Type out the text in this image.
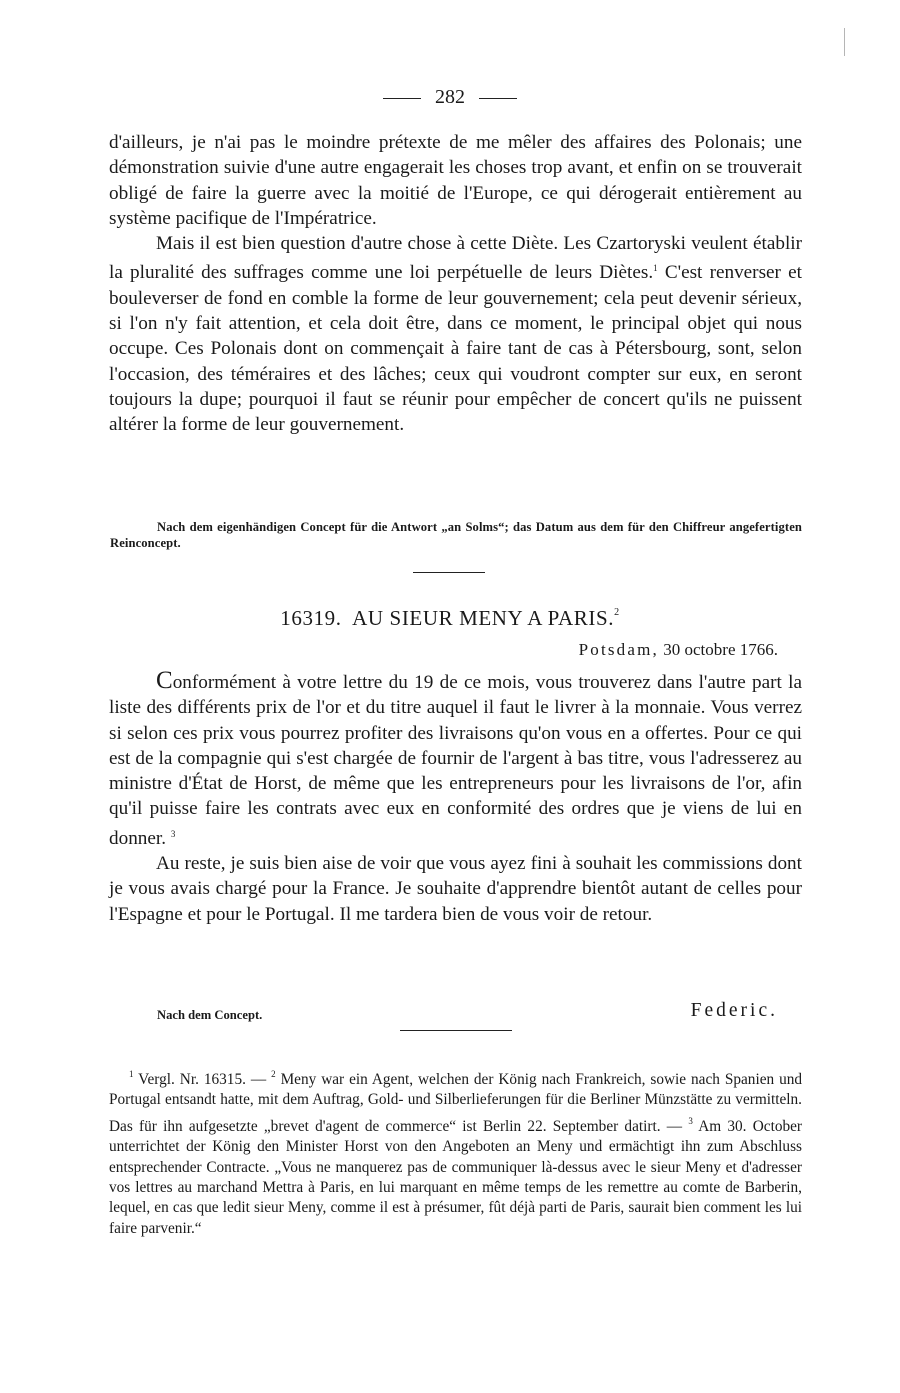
282

d'ailleurs, je n'ai pas le moindre prétexte de me mêler des affaires des Polonais; une démonstration suivie d'une autre engagerait les choses trop avant, et enfin on se trouverait obligé de faire la guerre avec la moitié de l'Europe, ce qui dérogerait entièrement au système pacifique de l'Impératrice.

Mais il est bien question d'autre chose à cette Diète. Les Czartoryski veulent établir la pluralité des suffrages comme une loi perpétuelle de leurs Diètes.$^1$ C'est renverser et bouleverser de fond en comble la forme de leur gouvernement; cela peut devenir sérieux, si l'on n'y fait attention, et cela doit être, dans ce moment, le principal objet qui nous occupe. Ces Polonais dont on commençait à faire tant de cas à Pétersbourg, sont, selon l'occasion, des téméraires et des lâches; ceux qui voudront compter sur eux, en seront toujours la dupe; pourquoi il faut se réunir pour empêcher de concert qu'ils ne puissent altérer la forme de leur gouvernement.

Nach dem eigenhändigen Concept für die Antwort „an Solms“; das Datum aus dem für den Chiffreur angefertigten Reinconcept.

16319. AU SIEUR MENY A PARIS.$^2$
Potsdam, 30 octobre 1766.

Conformément à votre lettre du 19 de ce mois, vous trouverez dans l'autre part la liste des différents prix de l'or et du titre auquel il faut le livrer à la monnaie. Vous verrez si selon ces prix vous pourrez profiter des livraisons qu'on vous en a offertes. Pour ce qui est de la compagnie qui s'est chargée de fournir de l'argent à bas titre, vous l'adresserez au ministre d'État de Horst, de même que les entrepreneurs pour les livraisons de l'or, afin qu'il puisse faire les contrats avec eux en conformité des ordres que je viens de lui en donner. $^3$

Au reste, je suis bien aise de voir que vous ayez fini à souhait les commissions dont je vous avais chargé pour la France. Je souhaite d'apprendre bientôt autant de celles pour l'Espagne et pour le Portugal. Il me tardera bien de vous voir de retour.

Nach dem Concept.	Federic.

$^1$ Vergl. Nr. 16315. — $^2$ Meny war ein Agent, welchen der König nach Frankreich, sowie nach Spanien und Portugal entsandt hatte, mit dem Auftrag, Gold- und Silberlieferungen für die Berliner Münzstätte zu vermitteln. Das für ihn aufgesetzte „brevet d'agent de commerce“ ist Berlin 22. September datirt. — $^3$ Am 30. October unterrichtet der König den Minister Horst von den Angeboten an Meny und ermächtigt ihn zum Abschluss entsprechender Contracte. „Vous ne manquerez pas de communiquer là-dessus avec le sieur Meny et d'adresser vos lettres au marchand Mettra à Paris, en lui marquant en même temps de les remettre au comte de Barberin, lequel, en cas que ledit sieur Meny, comme il est à présumer, fût déjà parti de Paris, saurait bien comment les lui faire parvenir.“
